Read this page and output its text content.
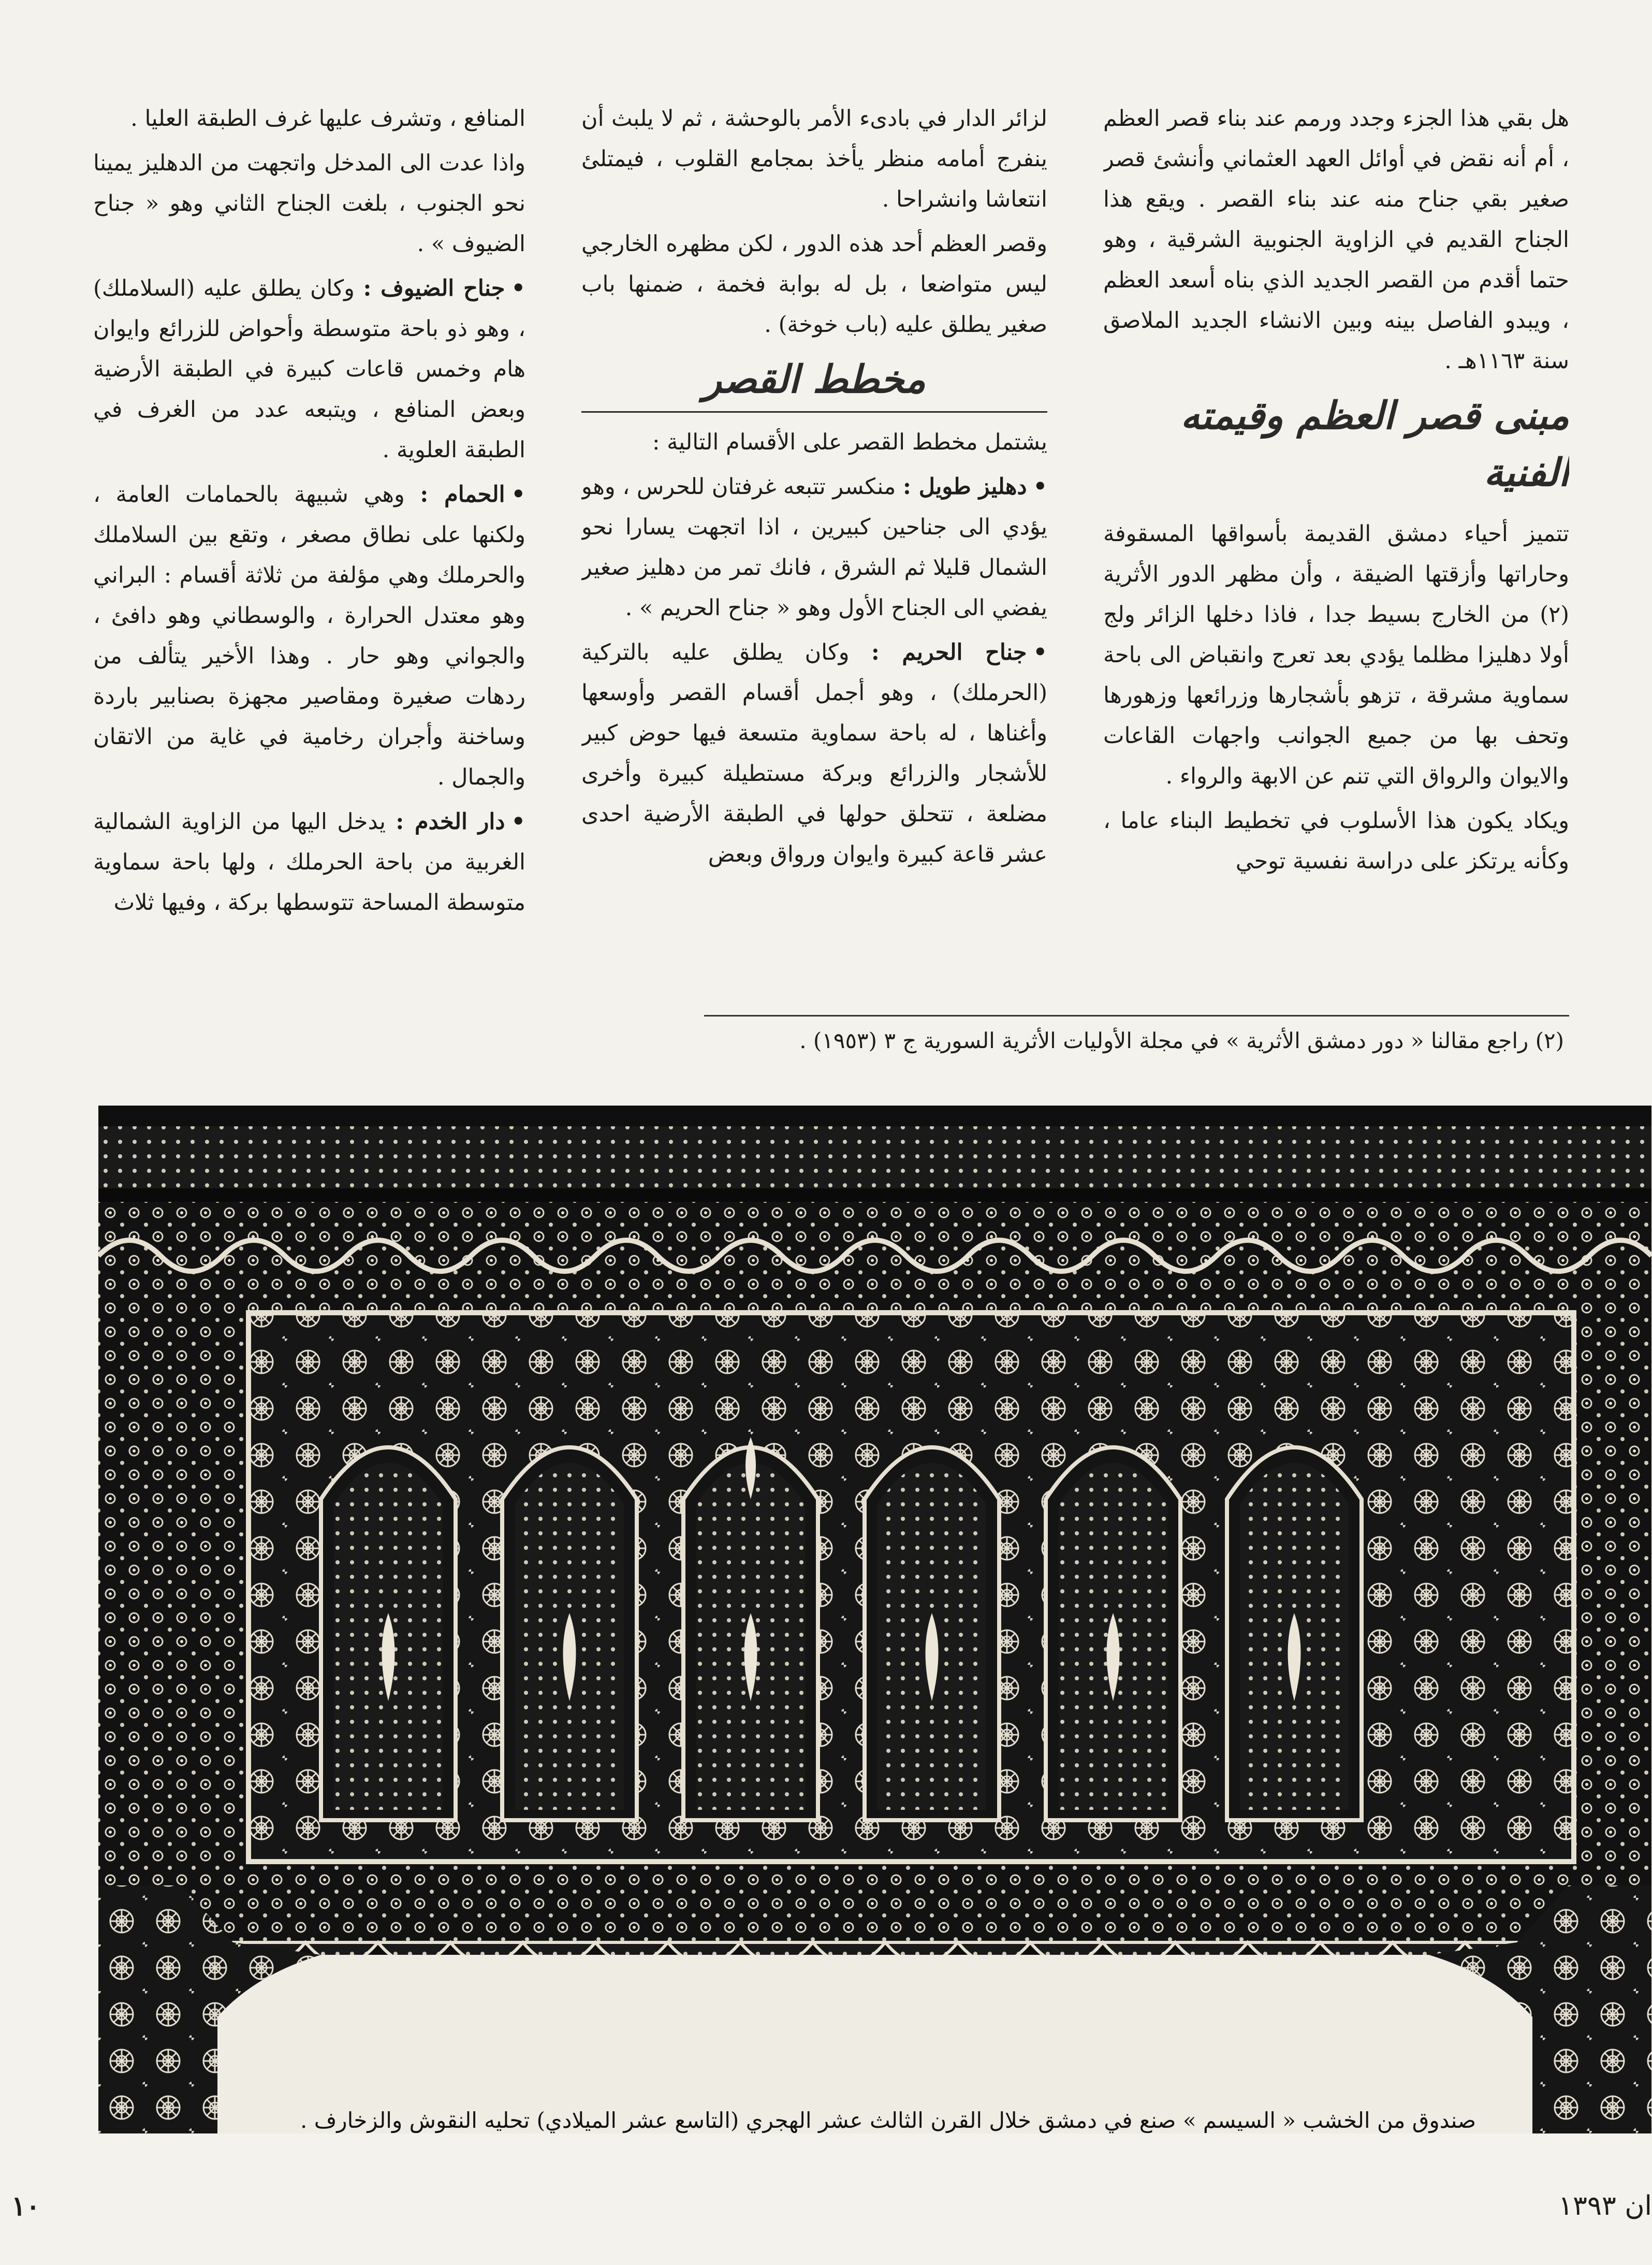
هل بقي هذا الجزء وجدد ورمم عند بناء قصر العظم ، أم أنه نقض في أوائل العهد العثماني وأنشئ قصر صغير بقي جناح منه عند بناء القصر . ويقع هذا الجناح القديم في الزاوية الجنوبية الشرقية ، وهو حتما أقدم من القصر الجديد الذي بناه أسعد العظم ، ويبدو الفاصل بينه وبين الانشاء الجديد الملاصق سنة ١١٦٣هـ .

مبنى قصر العظم وقيمته الفنية

تتميز أحياء دمشق القديمة بأسواقها المسقوفة وحاراتها وأزقتها الضيقة ، وأن مظهر الدور الأثرية (٢) من الخارج بسيط جدا ، فاذا دخلها الزائر ولج أولا دهليزا مظلما يؤدي بعد تعرج وانقباض الى باحة سماوية مشرقة ، تزهو بأشجارها وزرائعها وزهورها وتحف بها من جميع الجوانب واجهات القاعات والايوان والرواق التي تنم عن الابهة والرواء .

ويكاد يكون هذا الأسلوب في تخطيط البناء عاما ، وكأنه يرتكز على دراسة نفسية توحي

لزائر الدار في بادىء الأمر بالوحشة ، ثم لا يلبث أن ينفرج أمامه منظر يأخذ بمجامع القلوب ، فيمتلئ انتعاشا وانشراحا .

وقصر العظم أحد هذه الدور ، لكن مظهره الخارجي ليس متواضعا ، بل له بوابة فخمة ، ضمنها باب صغير يطلق عليه (باب خوخة) .

مخطط القصر

يشتمل مخطط القصر على الأقسام التالية :

•دهليز طويل : منكسر تتبعه غرفتان للحرس ، وهو يؤدي الى جناحين كبيرين ، اذا اتجهت يسارا نحو الشمال قليلا ثم الشرق ، فانك تمر من دهليز صغير يفضي الى الجناح الأول وهو « جناح الحريم » .

•جناح الحريم : وكان يطلق عليه بالتركية (الحرملك) ، وهو أجمل أقسام القصر وأوسعها وأغناها ، له باحة سماوية متسعة فيها حوض كبير للأشجار والزرائع وبركة مستطيلة كبيرة وأخرى مضلعة ، تتحلق حولها في الطبقة الأرضية احدى عشر قاعة كبيرة وايوان ورواق وبعض

المنافع ، وتشرف عليها غرف الطبقة العليا .

واذا عدت الى المدخل واتجهت من الدهليز يمينا نحو الجنوب ، بلغت الجناح الثاني وهو « جناح الضيوف » .

•جناح الضيوف : وكان يطلق عليه (السلاملك) ، وهو ذو باحة متوسطة وأحواض للزرائع وايوان هام وخمس قاعات كبيرة في الطبقة الأرضية وبعض المنافع ، ويتبعه عدد من الغرف في الطبقة العلوية .

•الحمام : وهي شبيهة بالحمامات العامة ، ولكنها على نطاق مصغر ، وتقع بين السلاملك والحرملك وهي مؤلفة من ثلاثة أقسام : البراني وهو معتدل الحرارة ، والوسطاني وهو دافئ ، والجواني وهو حار . وهذا الأخير يتألف من ردهات صغيرة ومقاصير مجهزة بصنابير باردة وساخنة وأجران رخامية في غاية من الاتقان والجمال .

•دار الخدم : يدخل اليها من الزاوية الشمالية الغربية من باحة الحرملك ، ولها باحة سماوية متوسطة المساحة تتوسطها بركة ، وفيها ثلاث

(٢) راجع مقالنا « دور دمشق الأثرية » في مجلة الأوليات الأثرية السورية ج ٣ (١٩٥٣) .

صندوق من الخشب « السيسم » صنع في دمشق خلال القرن الثالث عشر الهجري (التاسع عشر الميلادي) تحليه النقوش والزخارف .

١٠	ان ١٣٩٣
